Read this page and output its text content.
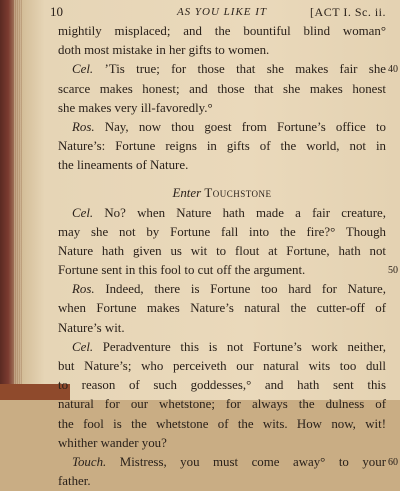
10	AS YOU LIKE IT	[ACT I. Sc. ii.
mightily misplaced; and the bountiful blind woman°
doth most mistake in her gifts to women.
Cel. ’Tis true; for those that she makes fair she 40
scarce makes honest; and those that she makes honest
she makes very ill-favoredly.°
Ros. Nay, now thou goest from Fortune’s office to
Nature’s: Fortune reigns in gifts of the world, not in
the lineaments of Nature.
Enter Touchstone
Cel. No? when Nature hath made a fair creature,
may she not by Fortune fall into the fire?° Though
Nature hath given us wit to flout at Fortune, hath not
Fortune sent in this fool to cut off the argument.	50
Ros. Indeed, there is Fortune too hard for Nature,
when Fortune makes Nature’s natural the cutter-off of
Nature’s wit.
Cel. Peradventure this is not Fortune’s work neither,
but Nature’s; who perceiveth our natural wits too dull
to reason of such goddesses,° and hath sent this
natural for our whetstone; for always the dulness of
the fool is the whetstone of the wits. How now, wit!
whither wander you?
Touch. Mistress, you must come away° to your 60
father.
